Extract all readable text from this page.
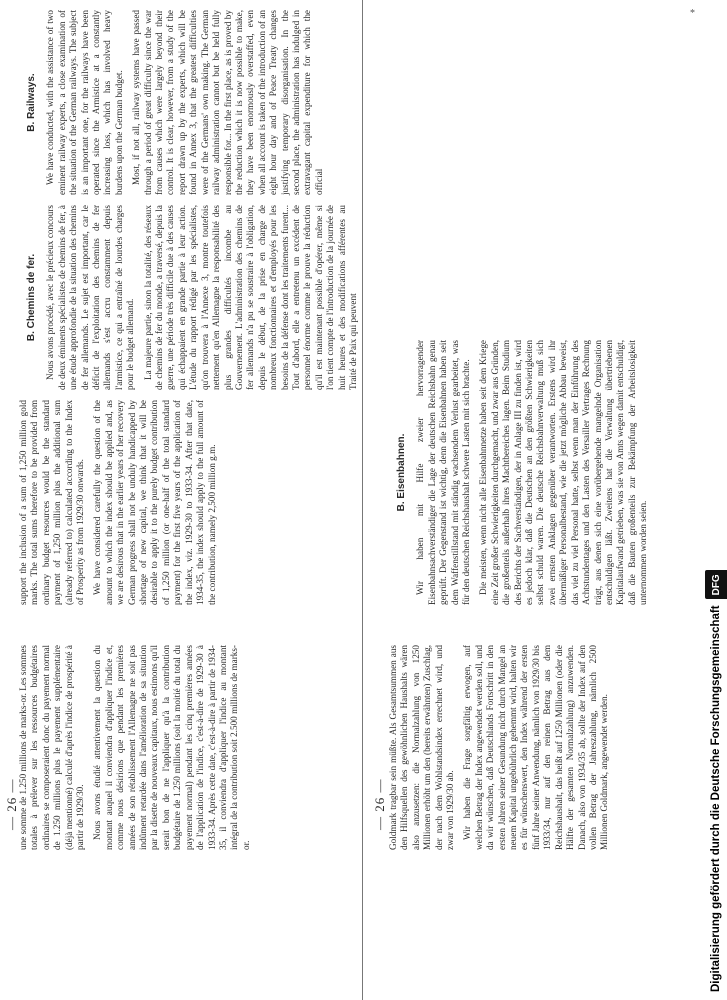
— 26 — une somme de 1.250 millions de marks-or. Les sommes totales à prélever sur les ressources budgétaires ordinaires se composeraient donc du payement normal de 1.250 millions plus le payement supplémentaire (déjà mentionné) calculé d'après l'indice de prospérité à partir de 1929/30. Nous avons étudié attentivement la question du montant auquel il conviendra d'appliquer l'indice et, comme nous désirions que pendant les premières années de son rétablissement l'Allemagne ne soit pas indûment retardée dans l'amélioration de sa situation par la disette de nouveaux capitaux, nous estimons qu'il serait bon de ne l'appliquer qu'à la contribution budgétaire de 1.250 millions (soit la moitié du total du payement normal) pendant les cinq premières années de l'application de l'indice, c'est-à-dire de 1929-30 à 1933-34. Après cette date, c'est-à-dire à partir de 1934-35, il conviendra d'appliquer l'indice au montant intégral de la contribution soit 2.500 millions de marks-or.

support the inclusion of a sum of 1,250 million gold marks. The total sums therefore to be provided from ordinary budget resources would be the standard payment of 1,250 million plus the additional sum (already referred to) calculated according to the Index of Prosperity as from 1929/30 onwards. We have considered carefully the question of the amount to which the index should be applied and, as we are desirous that in the earlier years of her recovery German progress shall not be unduly handicapped by shortage of new capital, we think that it will be desirable to apply it to the purely budget contribution of 1,250 million (or one-half of the total standard payment) for the first five years of the application of the index, viz. 1929-30 to 1933-34. After that date, 1934-35, the index should apply to the full amount of the contribution, namely 2,500 million g.m.

— 26 — Goldmark tragbar sein müßte. Als Gesamtsummen aus den Hilfsquellen des gewöhnlichen Haushalts wären also anzusetzen: die Normalzahlung von 1250 Millionen erhöht um den (bereits erwähnten) Zuschlag, der nach dem Wohlstandsindex errechnet wird, und zwar von 1929/30 ab. Wir haben die Frage sorgfältig erwogen, auf welchen Betrag der Index angewendet werden soll, und da wir wünschen, daß Deutschlands Fortschritt in den ersten Jahren seiner Gesundung nicht durch Mangel an neuem Kapital ungebührlich gehemmt wird, halten wir es für wünschenswert, den Index während der ersten fünf Jahre seiner Anwendung, nämlich von 1929/30 bis 1933/34, nur auf den reinen Betrag aus dem Reichshaushalt, das heißt auf 1250 Millionen (oder die Hälfte der gesamten Normalzahlung) anzuwenden. Danach, also von 1934/35 ab, sollte der Index auf den vollen Betrag der Jahreszahlung, nämlich 2500 Millionen Goldmark, angewendet werden.

B. Eisenbahnen. Wir haben mit Hilfe zweier hervorragender Eisenbahnsachverständiger die Lage der deutschen Reichsbahn genau geprüft. Der Gegenstand ist wichtig, denn die Eisenbahnen haben seit dem Waffenstillstand mit ständig wachsendem Verlust gearbeitet, was für den deutschen Reichshaushalt schwere Lasten mit sich brachte. Die meisten, wenn nicht alle Eisenbahnnetze haben seit dem Kriege eine Zeit großer Schwierigkeiten durchgemacht, und zwar aus Gründen, die großenteils außerhalb ihres Machtbereiches lagen. Beim Studium des Berichts der Sachverständigen, der in Anlage III zu finden ist, wird es jedoch klar, daß die Deutschen an den größten Schwierigkeiten selbst schuld waren. Die deutsche Reichsbahnverwaltung muß sich zwei ernsten Anklagen gegenüber verantworten. Erstens wird ihr übermäßiger Personalbestand, wie die jetzt mögliche Abbau beweist, das viel zu viel Personal hatte, selbst wenn man der Einführung des Achtstundentages und den Lasten des Versailler Vertrages Rechnung trägt, aus denen sich eine vorübergehende mangelnde Organisation entschuldigen läßt. Zweitens hat die Verwaltung übertriebenen Kapitalaufwand getrieben, was sie von Amts wegen damit entschuldigt, daß die Bauten großenteils zur Bekämpfung der Arbeitslosigkeit unternommen worden seien.

Digitalisierung gefördert durch die Deutsche ForschungsgemeinschaftDFG
B. Chemins de fer. Nous avons procédé, avec le précieux concours de deux éminents spécialistes de chemins de fer, à une étude approfondie de la situation des chemins de fer allemands. Le sujet est important, car le déficit de l'exploitation des chemins de fer allemands s'est accru constamment depuis l'armistice, ce qui a entraîné de lourdes charges pour le budget allemand. La majeure partie, sinon la totalité, des réseaux de chemins de fer du monde, a traversé, depuis la guerre, une période très difficile due à des causes qui échappaient en grande partie à leur action. L'étude du rapport rédigé par les spécialistes, qu'on trouvera à l'Annexe 3, montre toutefois nettement qu'en Allemagne la responsabilité des plus grandes difficultés incombe au Gouvernement. L'administration des chemins de fer allemands n'a pu se soustraire à l'obligation, depuis le début, de la prise en charge de nombreux fonctionnaires et d'employés pour les besoins de la défense dont les traitements furent... Tout d'abord, elle a entretenu un excédent de personnel énorme comme le prouve la réduction qu'il est maintenant possible d'opérer, même si l'on tient compte de l'introduction de la journée de huit heures et des modifications afférentes au Traité de Paix qui peuvent

B. Railways. We have conducted, with the assistance of two eminent railway experts, a close examination of the situation of the German railways. The subject is an important one, for the railways have been operated since the Armistice at a constantly increasing loss, which has involved heavy burdens upon the German budget. Most, if not all, railway systems have passed through a period of great difficulty since the war from causes which were largely beyond their control. It is clear, however, from a study of the report drawn up by the experts, which will be found in Annex 3, that the greatest difficulties were of the Germans' own making. The German railway administration cannot but be held fully responsible for... In the first place, as is proved by the reduction which it is now possible to make, they have been enormously overstaffed, even when all account is taken of the introduction of an eight hour day and of Peace Treaty changes justifying temporary disorganisation. In the second place, the administration has indulged in extravagant capital expenditure for which the official

*
